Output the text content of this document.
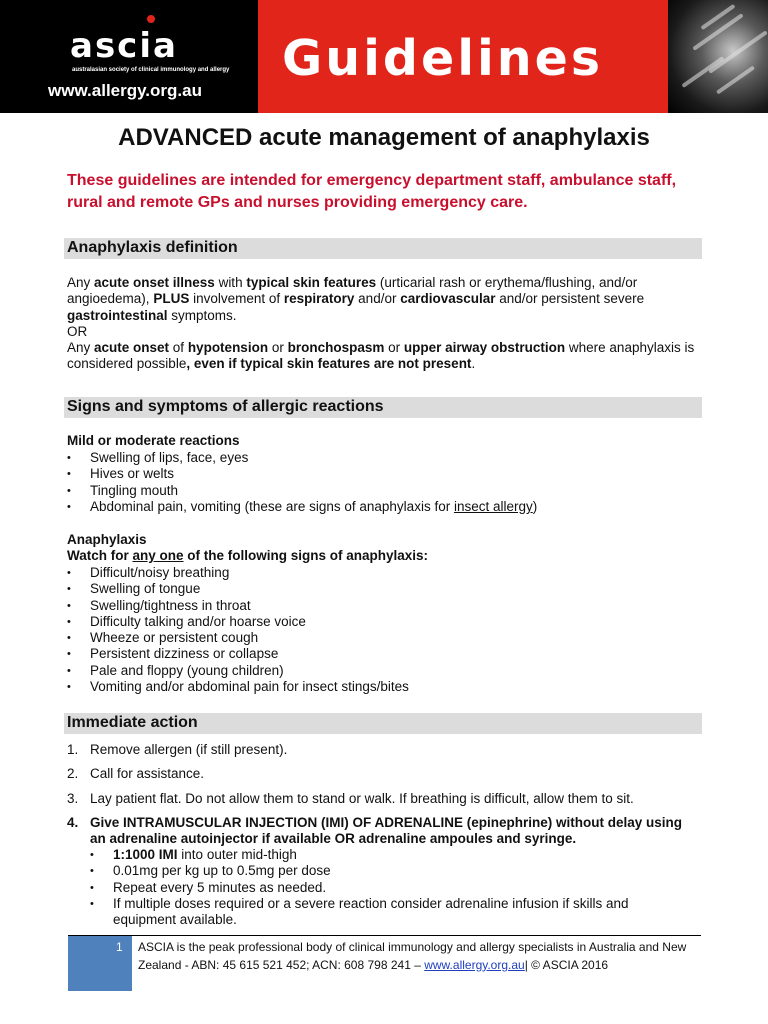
ascia
australasian society of clinical immunology and allergy
www.allergy.org.au
Guidelines
ADVANCED acute management of anaphylaxis
These guidelines are intended for emergency department staff, ambulance staff, rural and remote GPs and nurses providing emergency care.
Anaphylaxis definition
Any acute onset illness with typical skin features (urticarial rash or erythema/flushing, and/or angioedema), PLUS involvement of respiratory and/or cardiovascular and/or persistent severe gastrointestinal symptoms.
OR
Any acute onset of hypotension or bronchospasm or upper airway obstruction where anaphylaxis is considered possible, even if typical skin features are not present.
Signs and symptoms of allergic reactions
Mild or moderate reactions
• Swelling of lips, face, eyes
• Hives or welts
• Tingling mouth
• Abdominal pain, vomiting (these are signs of anaphylaxis for insect allergy)
Anaphylaxis
Watch for any one of the following signs of anaphylaxis:
• Difficult/noisy breathing
• Swelling of tongue
• Swelling/tightness in throat
• Difficulty talking and/or hoarse voice
• Wheeze or persistent cough
• Persistent dizziness or collapse
• Pale and floppy (young children)
• Vomiting and/or abdominal pain for insect stings/bites
Immediate action
1. Remove allergen (if still present).
2. Call for assistance.
3. Lay patient flat. Do not allow them to stand or walk. If breathing is difficult, allow them to sit.
4. Give INTRAMUSCULAR INJECTION (IMI) OF ADRENALINE (epinephrine) without delay using
an adrenaline autoinjector if available OR adrenaline ampoules and syringe.
• 1:1000 IMI into outer mid-thigh
• 0.01mg per kg up to 0.5mg per dose
• Repeat every 5 minutes as needed.
• If multiple doses required or a severe reaction consider adrenaline infusion if skills and equipment available.
1 ASCIA is the peak professional body of clinical immunology and allergy specialists in Australia and New Zealand - ABN: 45 615 521 452; ACN: 608 798 241 – www.allergy.org.au| © ASCIA 2016
